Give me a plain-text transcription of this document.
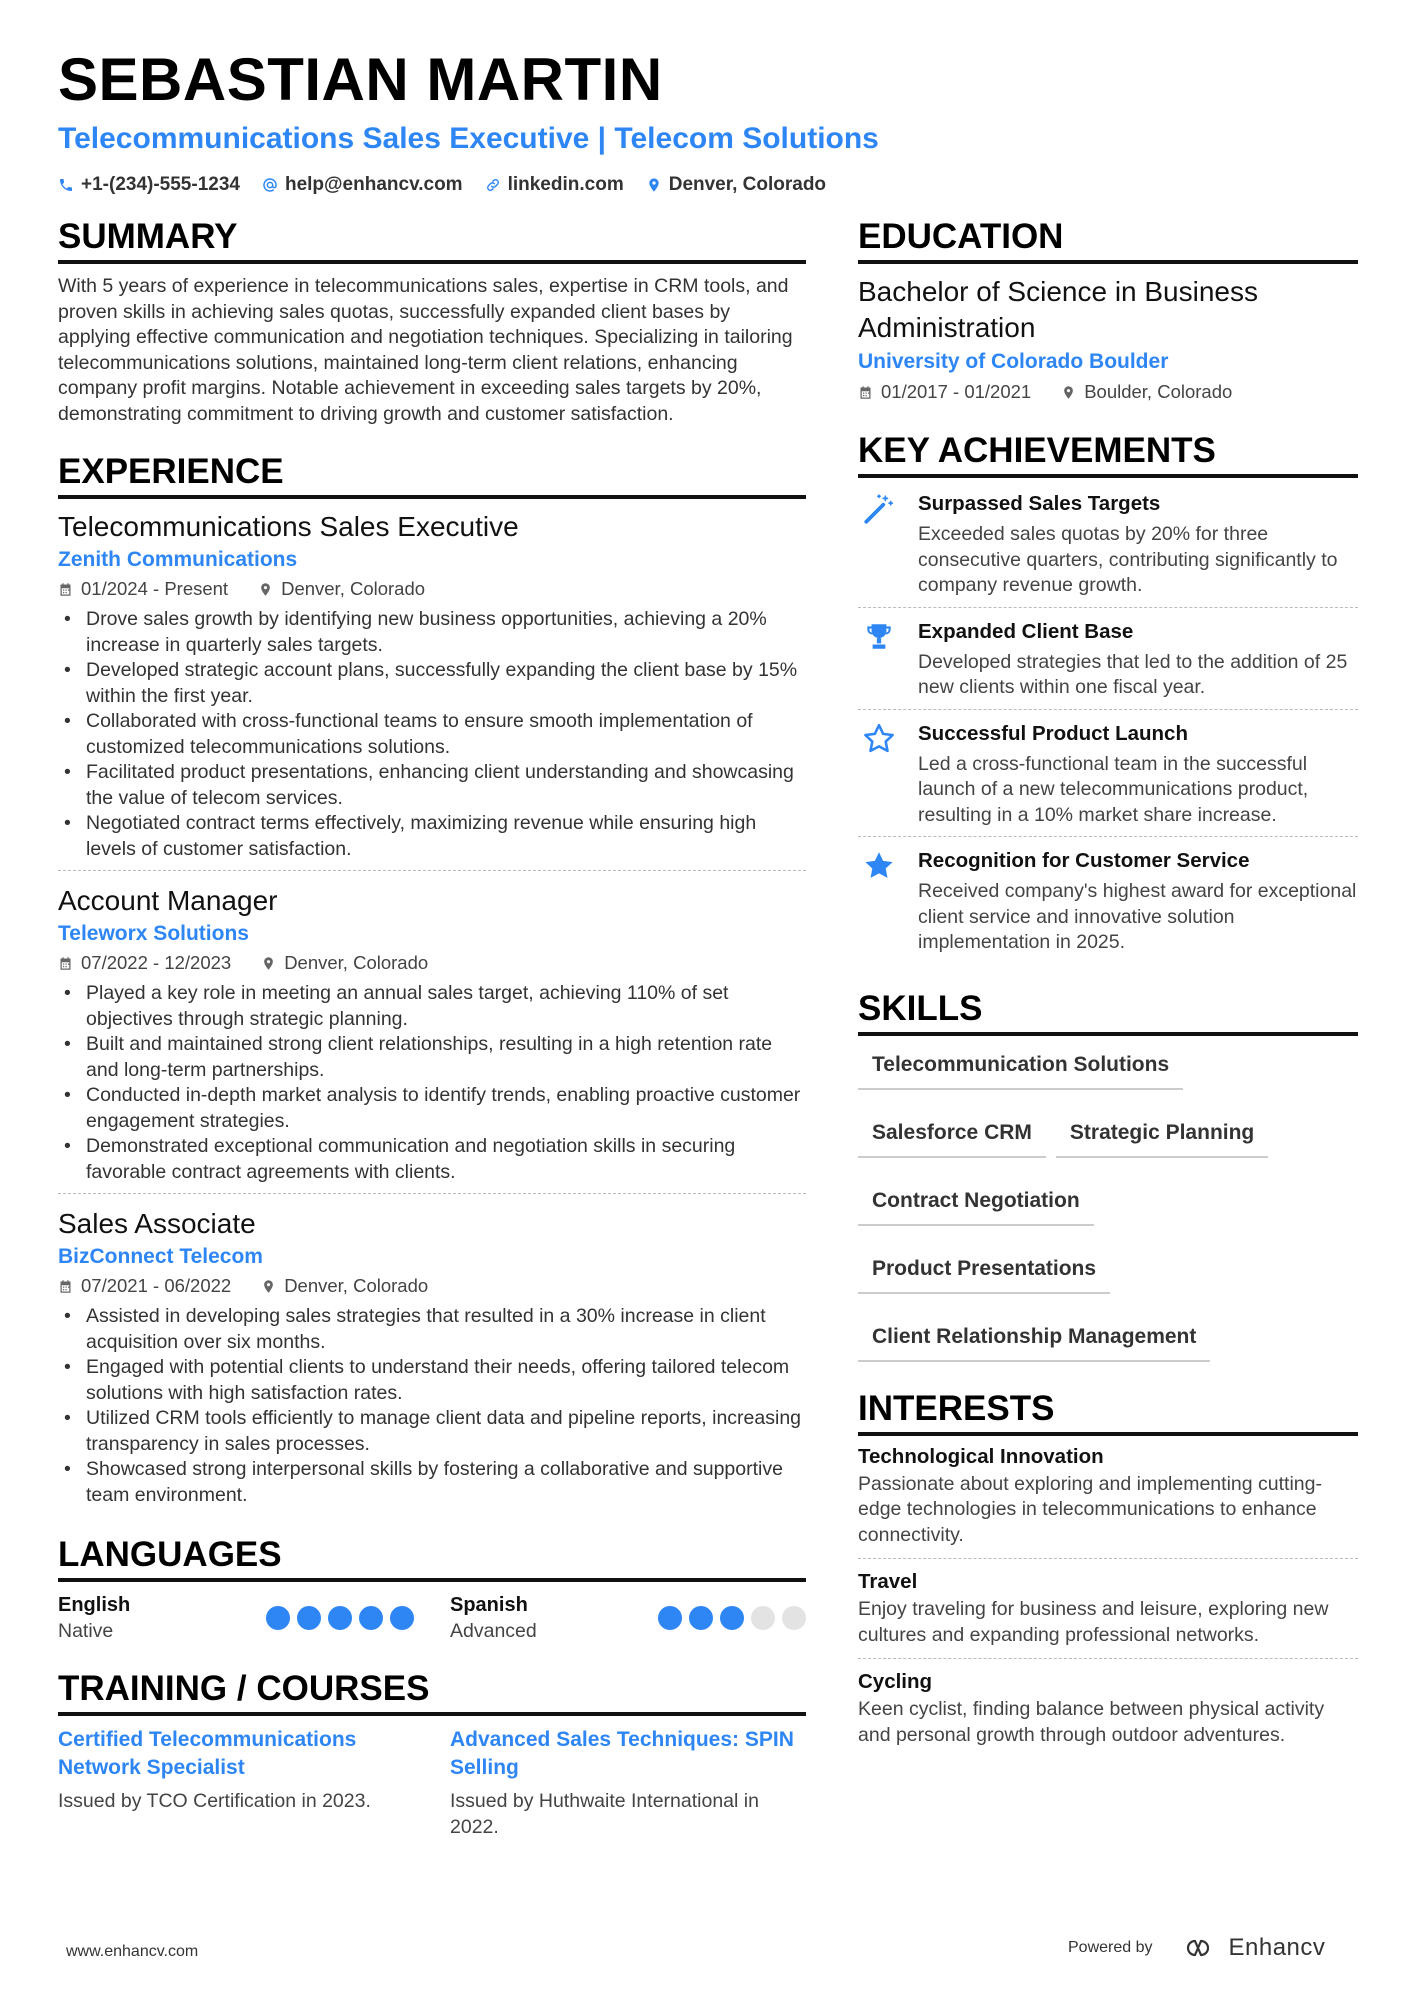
SEBASTIAN MARTIN
Telecommunications Sales Executive | Telecom Solutions
+1-(234)-555-1234 help@enhancv.com linkedin.com Denver, Colorado
SUMMARY
With 5 years of experience in telecommunications sales, expertise in CRM tools, and proven skills in achieving sales quotas, successfully expanded client bases by applying effective communication and negotiation techniques. Specializing in tailoring telecommunications solutions, maintained long-term client relations, enhancing company profit margins. Notable achievement in exceeding sales targets by 20%, demonstrating commitment to driving growth and customer satisfaction.
EXPERIENCE
Telecommunications Sales Executive
Zenith Communications
01/2024 - Present	Denver, Colorado
• Drove sales growth by identifying new business opportunities, achieving a 20% increase in quarterly sales targets.
• Developed strategic account plans, successfully expanding the client base by 15% within the first year.
• Collaborated with cross-functional teams to ensure smooth implementation of customized telecommunications solutions.
• Facilitated product presentations, enhancing client understanding and showcasing the value of telecom services.
• Negotiated contract terms effectively, maximizing revenue while ensuring high levels of customer satisfaction.
Account Manager
Teleworx Solutions
07/2022 - 12/2023	Denver, Colorado
• Played a key role in meeting an annual sales target, achieving 110% of set objectives through strategic planning.
• Built and maintained strong client relationships, resulting in a high retention rate and long-term partnerships.
• Conducted in-depth market analysis to identify trends, enabling proactive customer engagement strategies.
• Demonstrated exceptional communication and negotiation skills in securing favorable contract agreements with clients.
Sales Associate
BizConnect Telecom
07/2021 - 06/2022	Denver, Colorado
• Assisted in developing sales strategies that resulted in a 30% increase in client acquisition over six months.
• Engaged with potential clients to understand their needs, offering tailored telecom solutions with high satisfaction rates.
• Utilized CRM tools efficiently to manage client data and pipeline reports, increasing transparency in sales processes.
• Showcased strong interpersonal skills by fostering a collaborative and supportive team environment.
LANGUAGES
English
Native
Spanish
Advanced
TRAINING / COURSES
Certified Telecommunications Network Specialist
Issued by TCO Certification in 2023.
Advanced Sales Techniques: SPIN Selling
Issued by Huthwaite International in 2022.
EDUCATION
Bachelor of Science in Business Administration
University of Colorado Boulder
01/2017 - 01/2021	Boulder, Colorado
KEY ACHIEVEMENTS
Surpassed Sales Targets
Exceeded sales quotas by 20% for three consecutive quarters, contributing significantly to company revenue growth.
Expanded Client Base
Developed strategies that led to the addition of 25 new clients within one fiscal year.
Successful Product Launch
Led a cross-functional team in the successful launch of a new telecommunications product, resulting in a 10% market share increase.
Recognition for Customer Service
Received company's highest award for exceptional client service and innovative solution implementation in 2025.
SKILLS
Telecommunication Solutions
Salesforce CRM	Strategic Planning
Contract Negotiation
Product Presentations
Client Relationship Management
INTERESTS
Technological Innovation
Passionate about exploring and implementing cutting-edge technologies in telecommunications to enhance connectivity.
Travel
Enjoy traveling for business and leisure, exploring new cultures and expanding professional networks.
Cycling
Keen cyclist, finding balance between physical activity and personal growth through outdoor adventures.
www.enhancv.com	Powered by	Enhancv
